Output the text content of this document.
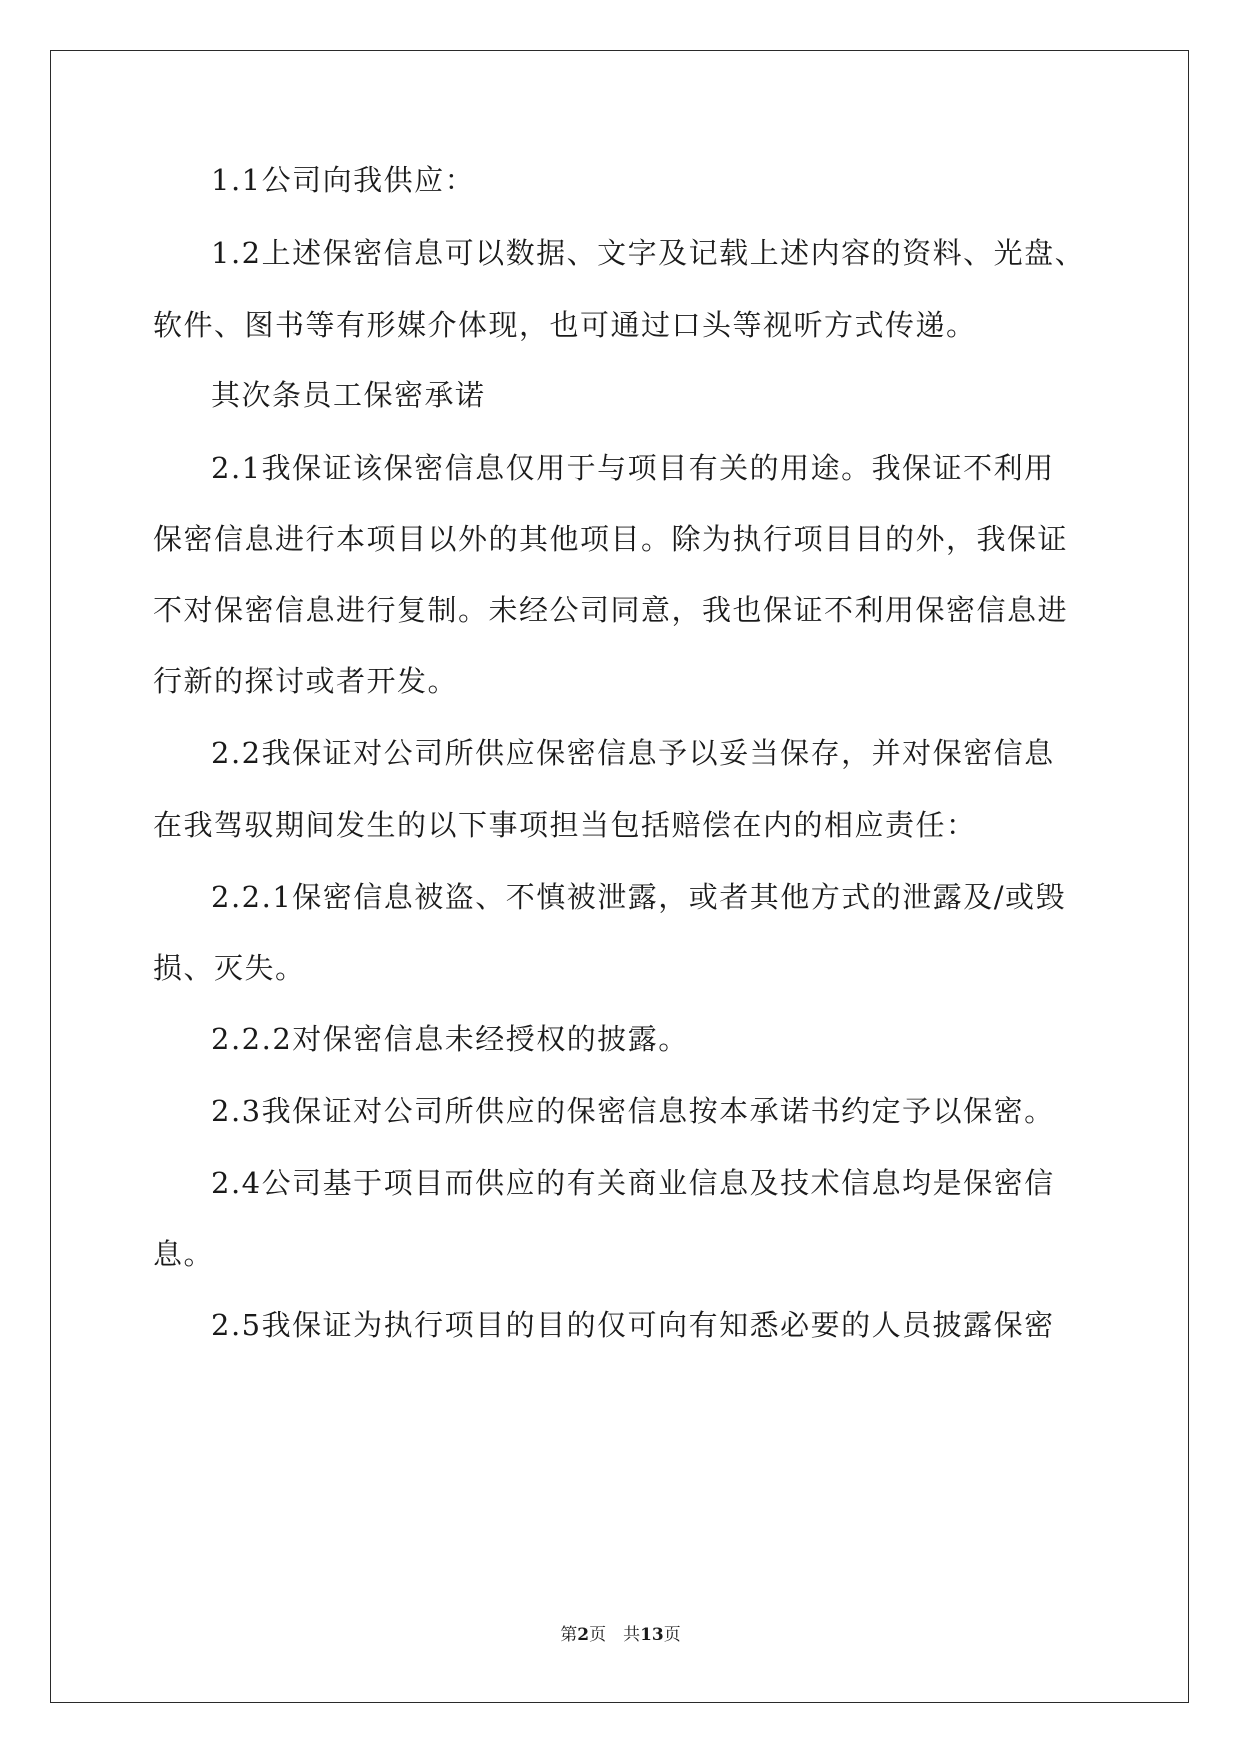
1.1公司向我供应：
1.2上述保密信息可以数据、文字及记载上述内容的资料、光盘、
软件、图书等有形媒介体现，也可通过口头等视听方式传递。
其次条员工保密承诺
2.1我保证该保密信息仅用于与项目有关的用途。我保证不利用
保密信息进行本项目以外的其他项目。除为执行项目目的外，我保证
不对保密信息进行复制。未经公司同意，我也保证不利用保密信息进
行新的探讨或者开发。
2.2我保证对公司所供应保密信息予以妥当保存，并对保密信息
在我驾驭期间发生的以下事项担当包括赔偿在内的相应责任：
2.2.1保密信息被盗、不慎被泄露，或者其他方式的泄露及/或毁
损、灭失。
2.2.2对保密信息未经授权的披露。
2.3我保证对公司所供应的保密信息按本承诺书约定予以保密。
2.4公司基于项目而供应的有关商业信息及技术信息均是保密信
息。
2.5我保证为执行项目的目的仅可向有知悉必要的人员披露保密
第2页　共13页
